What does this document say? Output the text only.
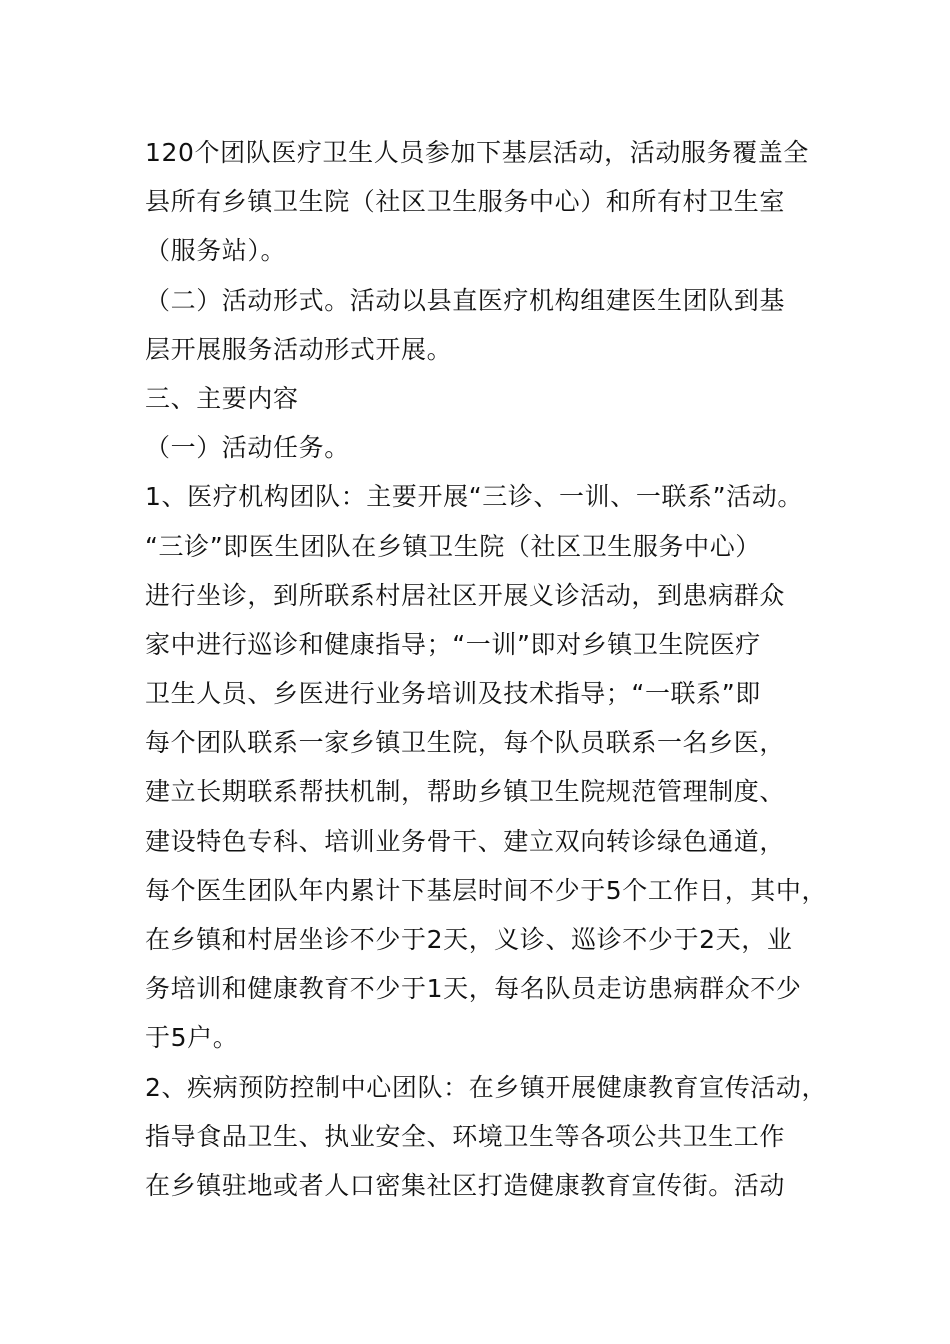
120个团队医疗卫生人员参加下基层活动，活动服务覆盖全
县所有乡镇卫生院（社区卫生服务中心）和所有村卫生室
（服务站）。
（二）活动形式。活动以县直医疗机构组建医生团队到基
层开展服务活动形式开展。
三、主要内容
（一）活动任务。
1、医疗机构团队：主要开展“三诊、一训、一联系”活动。
“三诊”即医生团队在乡镇卫生院（社区卫生服务中心）
进行坐诊，到所联系村居社区开展义诊活动，到患病群众
家中进行巡诊和健康指导；“一训”即对乡镇卫生院医疗
卫生人员、乡医进行业务培训及技术指导；“一联系”即
每个团队联系一家乡镇卫生院，每个队员联系一名乡医，
建立长期联系帮扶机制，帮助乡镇卫生院规范管理制度、
建设特色专科、培训业务骨干、建立双向转诊绿色通道，
每个医生团队年内累计下基层时间不少于5个工作日，其中，
在乡镇和村居坐诊不少于2天，义诊、巡诊不少于2天，业
务培训和健康教育不少于1天，每名队员走访患病群众不少
于5户。
2、疾病预防控制中心团队：在乡镇开展健康教育宣传活动，
指导食品卫生、执业安全、环境卫生等各项公共卫生工作
在乡镇驻地或者人口密集社区打造健康教育宣传街。活动
